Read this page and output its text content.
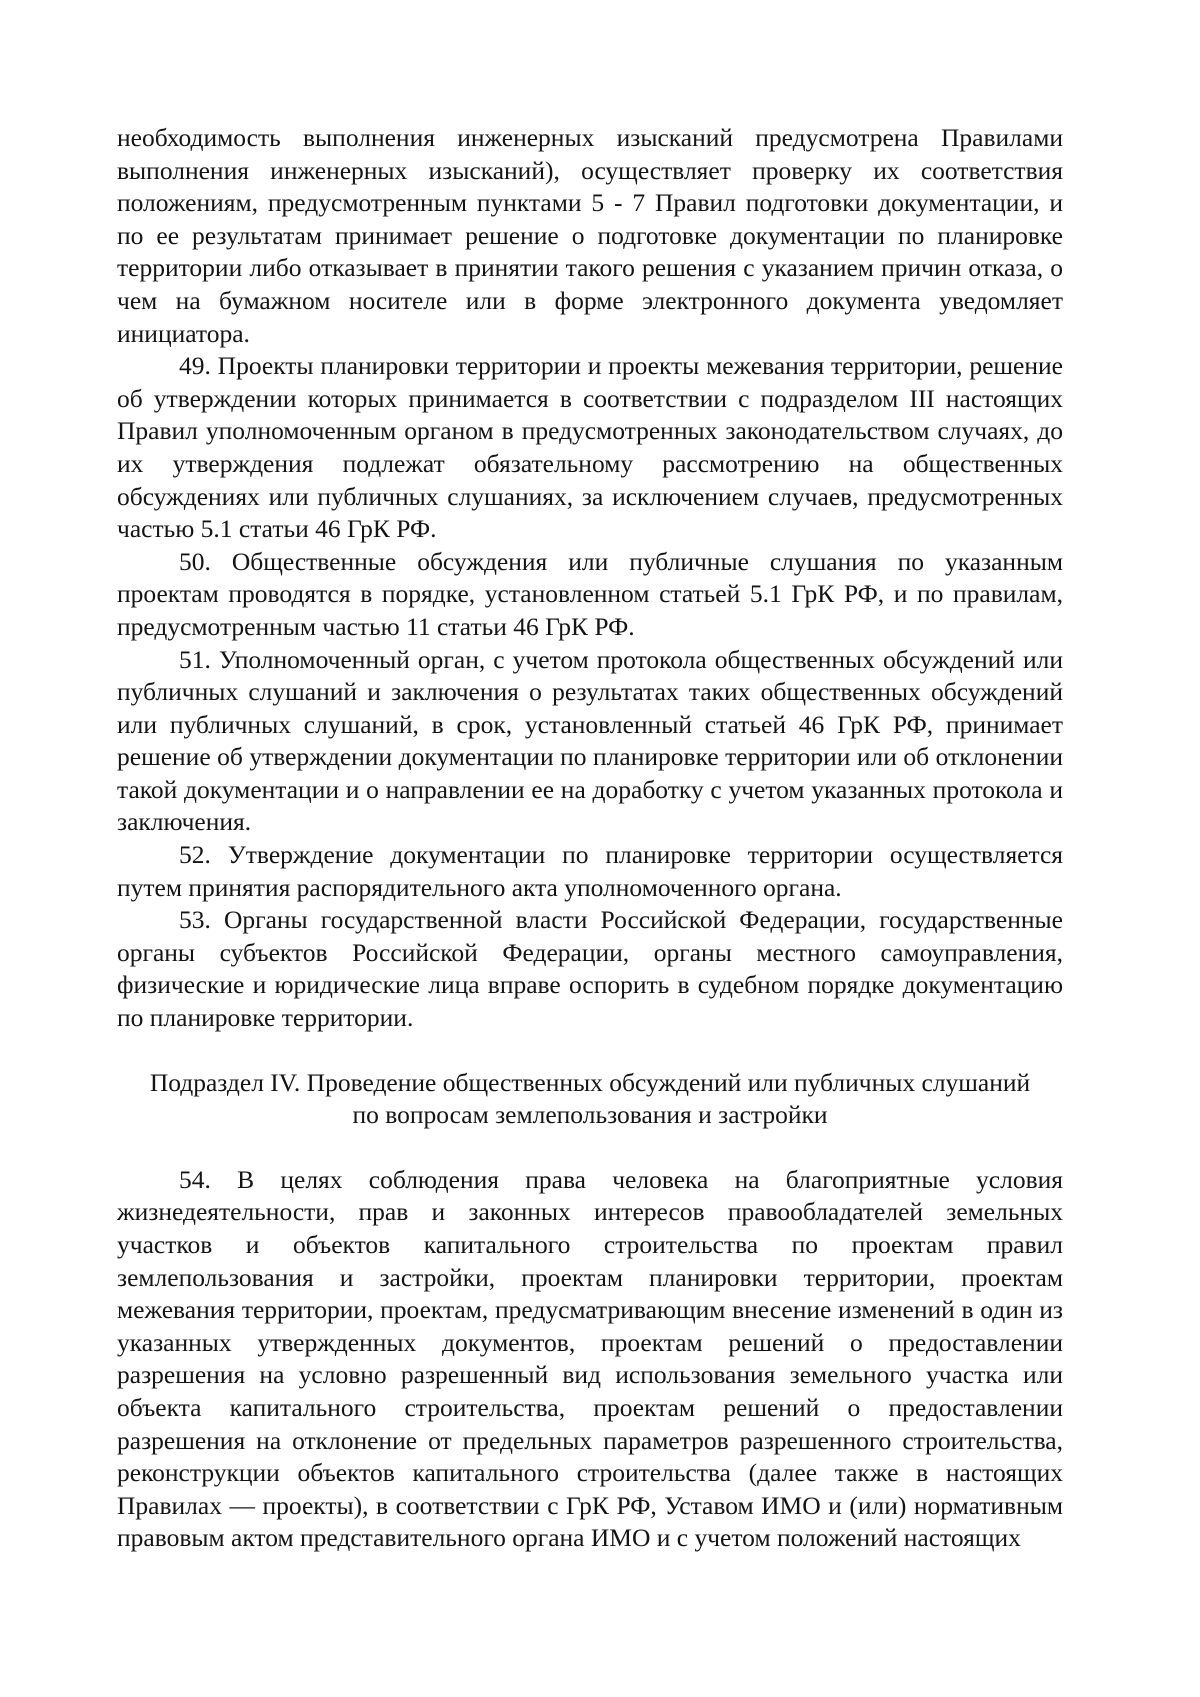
необходимость выполнения инженерных изысканий предусмотрена Правилами выполнения инженерных изысканий), осуществляет проверку их соответствия положениям, предусмотренным пунктами 5 - 7 Правил подготовки документации, и по ее результатам принимает решение о подготовке документации по планировке территории либо отказывает в принятии такого решения с указанием причин отказа, о чем на бумажном носителе или в форме электронного документа уведомляет инициатора.

49. Проекты планировки территории и проекты межевания территории, решение об утверждении которых принимается в соответствии с подразделом III настоящих Правил уполномоченным органом в предусмотренных законодательством случаях, до их утверждения подлежат обязательному рассмотрению на общественных обсуждениях или публичных слушаниях, за исключением случаев, предусмотренных частью 5.1 статьи 46 ГрК РФ.

50. Общественные обсуждения или публичные слушания по указанным проектам проводятся в порядке, установленном статьей 5.1 ГрК РФ, и по правилам, предусмотренным частью 11 статьи 46 ГрК РФ.

51. Уполномоченный орган, с учетом протокола общественных обсуждений или публичных слушаний и заключения о результатах таких общественных обсуждений или публичных слушаний, в срок, установленный статьей 46 ГрК РФ, принимает решение об утверждении документации по планировке территории или об отклонении такой документации и о направлении ее на доработку с учетом указанных протокола и заключения.

52. Утверждение документации по планировке территории осуществляется путем принятия распорядительного акта уполномоченного органа.

53. Органы государственной власти Российской Федерации, государственные органы субъектов Российской Федерации, органы местного самоуправления, физические и юридические лица вправе оспорить в судебном порядке документацию по планировке территории.

Подраздел IV. Проведение общественных обсуждений или публичных слушаний
по вопросам землепользования и застройки

54. В целях соблюдения права человека на благоприятные условия жизнедеятельности, прав и законных интересов правообладателей земельных участков и объектов капитального строительства по проектам правил землепользования и застройки, проектам планировки территории, проектам межевания территории, проектам, предусматривающим внесение изменений в один из указанных утвержденных документов, проектам решений о предоставлении разрешения на условно разрешенный вид использования земельного участка или объекта капитального строительства, проектам решений о предоставлении разрешения на отклонение от предельных параметров разрешенного строительства, реконструкции объектов капитального строительства (далее также в настоящих Правилах — проекты), в соответствии с ГрК РФ, Уставом ИМО и (или) нормативным правовым актом представительного органа ИМО и с учетом положений настоящих
